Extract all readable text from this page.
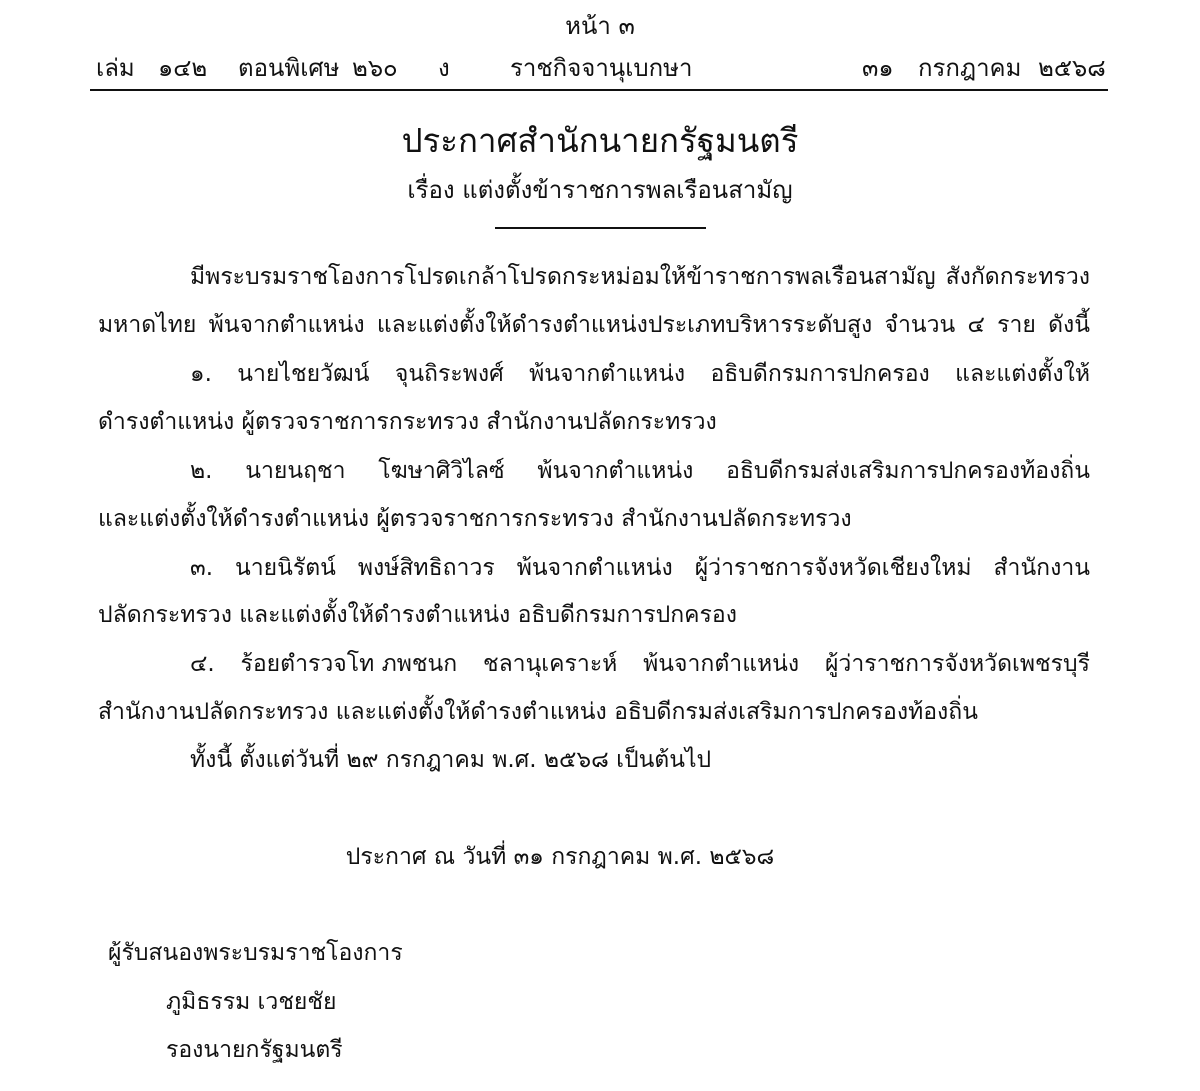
หน้า ๓
เล่ม ๑๔๒ ตอนพิเศษ ๒๖๐ ง	ราชกิจจานุเบกษา	๓๑ กรกฎาคม ๒๕๖๘
ประกาศสำนักนายกรัฐมนตรี
เรื่อง แต่งตั้งข้าราชการพลเรือนสามัญ
มีพระบรมราชโองการโปรดเกล้าโปรดกระหม่อมให้ข้าราชการพลเรือนสามัญ สังกัดกระทรวง
มหาดไทย พ้นจากตำแหน่ง และแต่งตั้งให้ดำรงตำแหน่งประเภทบริหารระดับสูง จำนวน ๔ ราย ดังนี้
๑. นายไชยวัฒน์ จุนถิระพงศ์ พ้นจากตำแหน่ง อธิบดีกรมการปกครอง และแต่งตั้งให้
ดำรงตำแหน่ง ผู้ตรวจราชการกระทรวง สำนักงานปลัดกระทรวง
๒. นายนฤชา โฆษาศิวิไลซ์ พ้นจากตำแหน่ง อธิบดีกรมส่งเสริมการปกครองท้องถิ่น
และแต่งตั้งให้ดำรงตำแหน่ง ผู้ตรวจราชการกระทรวง สำนักงานปลัดกระทรวง
๓. นายนิรัตน์ พงษ์สิทธิถาวร พ้นจากตำแหน่ง ผู้ว่าราชการจังหวัดเชียงใหม่ สำนักงาน
ปลัดกระทรวง และแต่งตั้งให้ดำรงตำแหน่ง อธิบดีกรมการปกครอง
๔. ร้อยตำรวจโท ภพชนก ชลานุเคราะห์ พ้นจากตำแหน่ง ผู้ว่าราชการจังหวัดเพชรบุรี
สำนักงานปลัดกระทรวง และแต่งตั้งให้ดำรงตำแหน่ง อธิบดีกรมส่งเสริมการปกครองท้องถิ่น
ทั้งนี้ ตั้งแต่วันที่ ๒๙ กรกฎาคม พ.ศ. ๒๕๖๘ เป็นต้นไป
ประกาศ ณ วันที่ ๓๑ กรกฎาคม พ.ศ. ๒๕๖๘
ผู้รับสนองพระบรมราชโองการ
ภูมิธรรม เวชยชัย
รองนายกรัฐมนตรี
